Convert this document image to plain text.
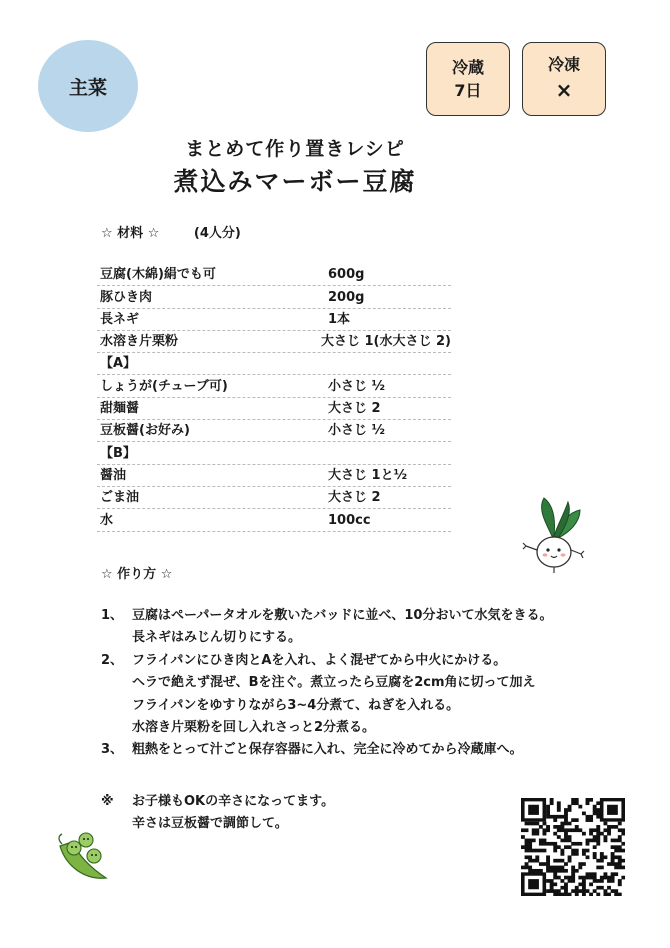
主菜
冷蔵
7日
冷凍
×
まとめて作り置きレシピ
煮込みマーボー豆腐
☆ 材料 ☆	(4人分)
豆腐(木綿)絹でも可	600g
豚ひき肉	200g
長ネギ	1本
水溶き片栗粉	大さじ 1(水大さじ 2)
【A】
しょうが(チューブ可)	小さじ ½
甜麺醤	大さじ 2
豆板醤(お好み)	小さじ ½
【B】
醤油	大さじ 1と½
ごま油	大さじ 2
水	100cc
☆ 作り方 ☆
1、 豆腐はペーパータオルを敷いたバッドに並べ、10分おいて水気をきる。
長ネギはみじん切りにする。
2、 フライパンにひき肉とAを入れ、よく混ぜてから中火にかける。
ヘラで絶えず混ぜ、Bを注ぐ。煮立ったら豆腐を2cm角に切って加え
フライパンをゆすりながら3~4分煮て、ねぎを入れる。
水溶き片栗粉を回し入れさっと2分煮る。
3、 粗熱をとって汁ごと保存容器に入れ、完全に冷めてから冷蔵庫へ。
※ お子様もOKの辛さになってます。
辛さは豆板醤で調節して。
